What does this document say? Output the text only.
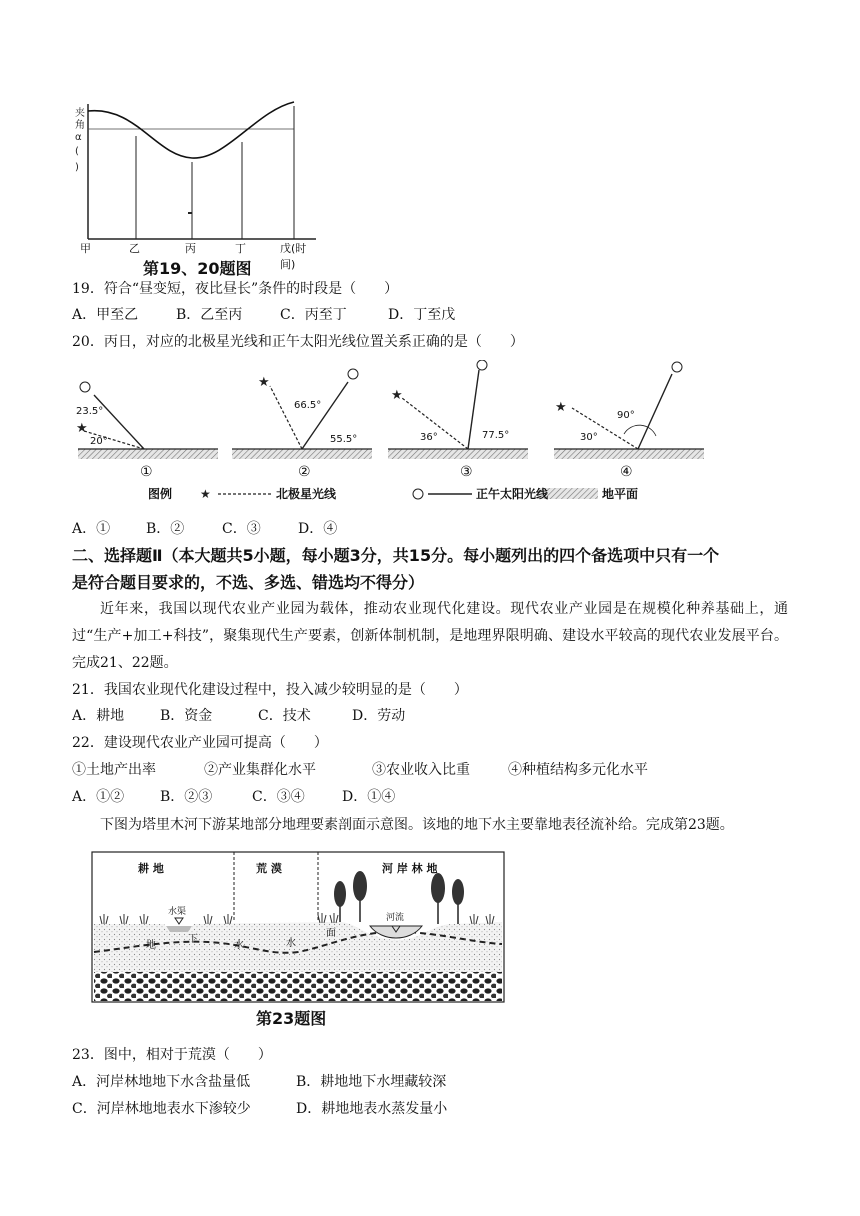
夹
角
α
(
)
甲	乙	丙	丁	戊(时间)
第19、20题图
19．符合“昼变短，夜比昼长”条件的时段是（　　）
A．甲至乙	B．乙至丙	C．丙至丁	D．丁至戊
20．丙日，对应的北极星光线和正午太阳光线位置关系正确的是（　　）
★
★
★
★
★
23.5°
20°
①
66.5°
55.5°
②
36°	77.5°
③
90°
30°
④
图例	北极星光线	正午太阳光线	地平面
A．①	B．②	C．③	D．④
二、选择题Ⅱ（本大题共5小题，每小题3分，共15分。每小题列出的四个备选项中只有一个
是符合题目要求的，不选、多选、错选均不得分）
近年来，我国以现代农业产业园为载体，推动农业现代化建设。现代农业产业园是在规模化种养基础上，通过“生产+加工+科技”，聚集现代生产要素，创新体制机制，是地理界限明确、建设水平较高的现代农业发展平台。完成21、22题。
21．我国农业现代化建设过程中，投入减少较明显的是（　　）
A．耕地	B．资金	C．技术	D．劳动
22．建设现代农业产业园可提高（　　）
①土地产出率	②产业集群化水平	③农业收入比重	④种植结构多元化水平
A．①②	B．②③	C．③④	D．①④
下图为塔里木河下游某地部分地理要素剖面示意图。该地的地下水主要靠地表径流补给。完成第23题。
耕 地	荒 漠	河 岸 林 地
水渠
河流
地
下
水	水
面
第23题图
23．图中，相对于荒漠（　　）
A．河岸林地地下水含盐量低	B．耕地地下水埋藏较深
C．河岸林地地表水下渗较少	D．耕地地表水蒸发量小
